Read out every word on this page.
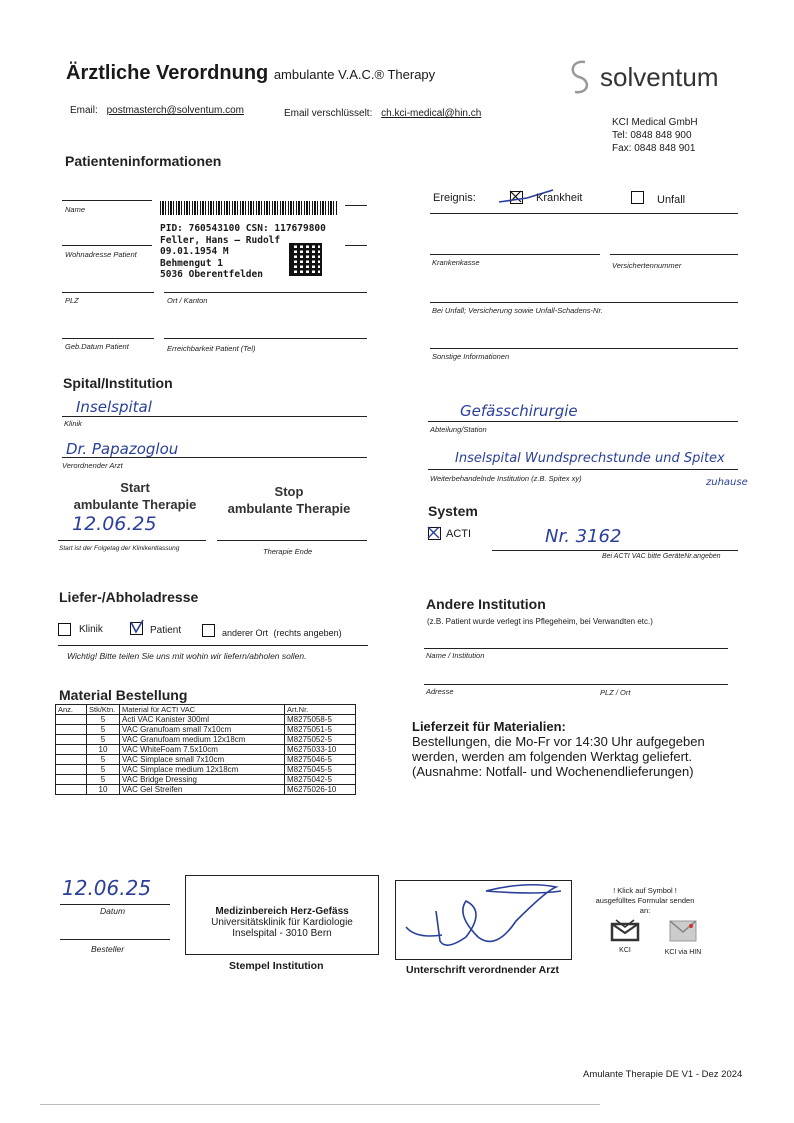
Ärztliche Verordnung ambulante V.A.C.® Therapy	solventum
Email: postmasterch@solventum.com	Email verschlüsselt: ch.kci-medical@hin.ch
KCI Medical GmbH
Tel: 0848 848 900
Fax: 0848 848 901
Patienteninformationen
Name
PID: 760543100 CSN: 117679800
Feller, Hans – Rudolf
09.01.1954 M
Behmengut 1
5036 Oberentfelden
Wohnadresse Patient
PLZ	Ort / Kanton
Geb.Datum Patient	Erreichbarkeit Patient (Tel)
Ereignis:	Krankheit	Unfall
Krankenkasse	Versichertennummer
Bei Unfall; Versicherung sowie Unfall-Schadens-Nr.
Sonstige Informationen
Spital/Institution
Inselspital
Klinik
Gefässchirurgie
Abteilung/Station
Dr. Papazoglou
Verordnender Arzt	Inselspital Wundsprechstunde und Spitex
Weiterbehandelnde Institution (z.B. Spitex xy)	zuhause
Start
ambulante Therapie
Stop
ambulante Therapie
12.06.25
Start ist der Folgetag der Klinikentlassung	Therapie Ende
System
ACTI	Nr. 3162
Bei ACTI VAC bitte GeräteNr.angeben
Liefer-/Abholadresse
Klinik	Patient	anderer Ort (rechts angeben)
Wichtig! Bitte teilen Sie uns mit wohin wir liefern/abholen sollen.
Andere Institution
(z.B. Patient wurde verlegt ins Pflegeheim, bei Verwandten etc.)
Name / Institution
Adresse	PLZ / Ort
Material Bestellung
Anz.	Stk/Ktn.	Material für ACTI VAC	Art.Nr.
	5	Acti VAC Kanister 300ml	M8275058-5
	5	VAC Granufoam small 7x10cm	M8275051-5
	5	VAC Granufoam medium 12x18cm	M8275052-5
	10	VAC WhiteFoam 7.5x10cm	M6275033-10
	5	VAC Simplace small 7x10cm	M8275046-5
	5	VAC Simplace medium 12x18cm	M8275045-5
	5	VAC Bridge Dressing	M8275042-5
	10	VAC Gel Streifen	M6275026-10
Lieferzeit für Materialien:
Bestellungen, die Mo-Fr vor 14:30 Uhr aufgegeben
werden, werden am folgenden Werktag geliefert.
(Ausnahme: Notfall- und Wochenendlieferungen)
12.06.25
Datum
Besteller
Medizinbereich Herz-Gefäss
Universitätsklinik für Kardiologie
Inselspital - 3010 Bern
Stempel Institution	Unterschrift verordnender Arzt
! Klick auf Symbol !
ausgefülltes Formular senden an:
KCI	KCI via HIN
Amulante Therapie DE V1 - Dez 2024
